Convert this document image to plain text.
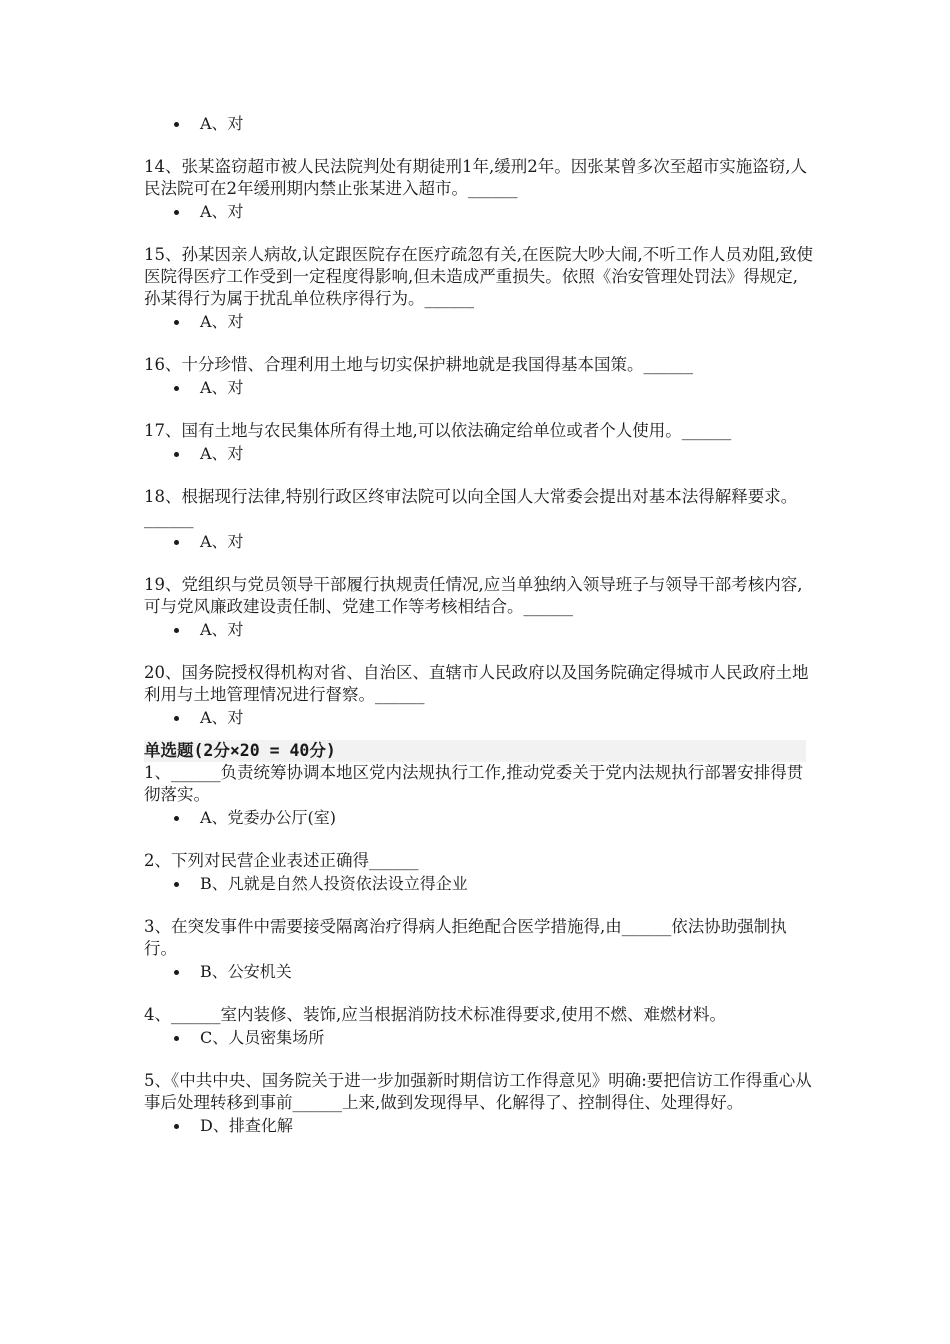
A、对

14、张某盗窃超市被人民法院判处有期徒刑1年,缓刑2年。因张某曾多次至超市实施盗窃,人民法院可在2年缓刑期内禁止张某进入超市。______

A、对

15、孙某因亲人病故,认定跟医院存在医疗疏忽有关,在医院大吵大闹,不听工作人员劝阻,致使医院得医疗工作受到一定程度得影响,但未造成严重损失。依照《治安管理处罚法》得规定,孙某得行为属于扰乱单位秩序得行为。______

A、对

16、十分珍惜、合理利用土地与切实保护耕地就是我国得基本国策。______

A、对

17、国有土地与农民集体所有得土地,可以依法确定给单位或者个人使用。______

A、对

18、根据现行法律,特别行政区终审法院可以向全国人大常委会提出对基本法得解释要求。______

A、对

19、党组织与党员领导干部履行执规责任情况,应当单独纳入领导班子与领导干部考核内容,可与党风廉政建设责任制、党建工作等考核相结合。______

A、对

20、国务院授权得机构对省、自治区、直辖市人民政府以及国务院确定得城市人民政府土地利用与土地管理情况进行督察。______

A、对

单选题(2分×20 = 40分)

1、______负责统筹协调本地区党内法规执行工作,推动党委关于党内法规执行部署安排得贯彻落实。

A、党委办公厅(室)

2、下列对民营企业表述正确得______

B、凡就是自然人投资依法设立得企业

3、在突发事件中需要接受隔离治疗得病人拒绝配合医学措施得,由______依法协助强制执行。

B、公安机关

4、______室内装修、装饰,应当根据消防技术标准得要求,使用不燃、难燃材料。

C、人员密集场所

5、《中共中央、国务院关于进一步加强新时期信访工作得意见》明确:要把信访工作得重心从事后处理转移到事前______上来,做到发现得早、化解得了、控制得住、处理得好。

D、排查化解
